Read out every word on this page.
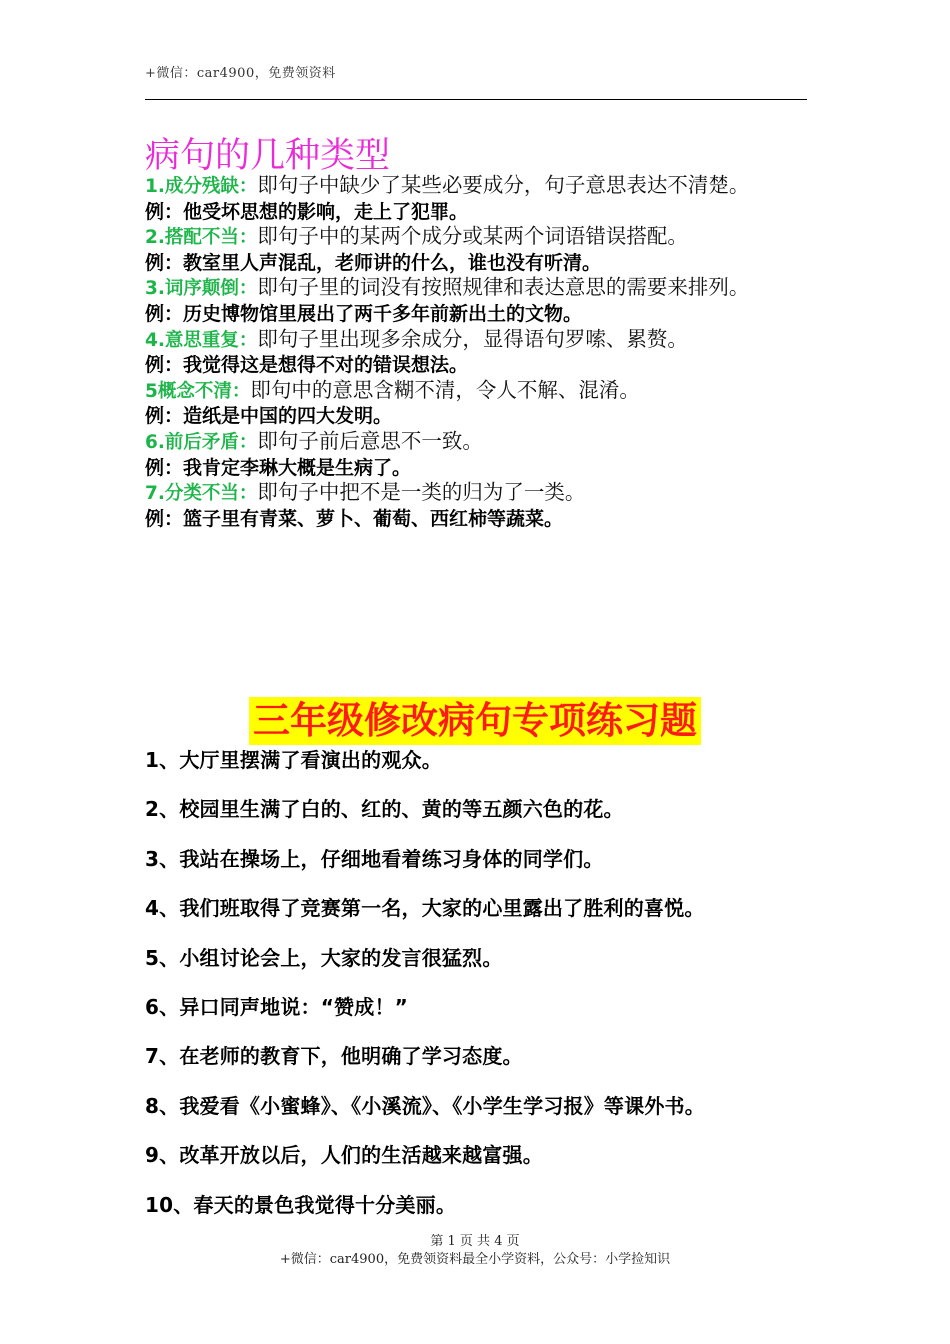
+微信：car4900，免费领资料
病句的几种类型

1.成分残缺：即句子中缺少了某些必要成分，句子意思表达不清楚。

例：他受坏思想的影响，走上了犯罪。

2.搭配不当：即句子中的某两个成分或某两个词语错误搭配。

例：教室里人声混乱，老师讲的什么，谁也没有听清。

3.词序颠倒：即句子里的词没有按照规律和表达意思的需要来排列。

例：历史博物馆里展出了两千多年前新出土的文物。

4.意思重复：即句子里出现多余成分，显得语句罗嗦、累赘。

例：我觉得这是想得不对的错误想法。

5概念不清：即句中的意思含糊不清，令人不解、混淆。

例：造纸是中国的四大发明。

6.前后矛盾：即句子前后意思不一致。

例：我肯定李琳大概是生病了。

7.分类不当：即句子中把不是一类的归为了一类。

例：篮子里有青菜、萝卜、葡萄、西红柿等蔬菜。

三年级修改病句专项练习题
1、大厅里摆满了看演出的观众。
2、校园里生满了白的、红的、黄的等五颜六色的花。
3、我站在操场上，仔细地看着练习身体的同学们。
4、我们班取得了竞赛第一名，大家的心里露出了胜利的喜悦。
5、小组讨论会上，大家的发言很猛烈。
6、异口同声地说：“赞成！”
7、在老师的教育下，他明确了学习态度。
8、我爱看《小蜜蜂》、《小溪流》、《小学生学习报》等课外书。
9、改革开放以后，人们的生活越来越富强。
10、春天的景色我觉得十分美丽。
第 1 页 共 4 页
+微信：car4900，免费领资料最全小学资料，公众号：小学捡知识
